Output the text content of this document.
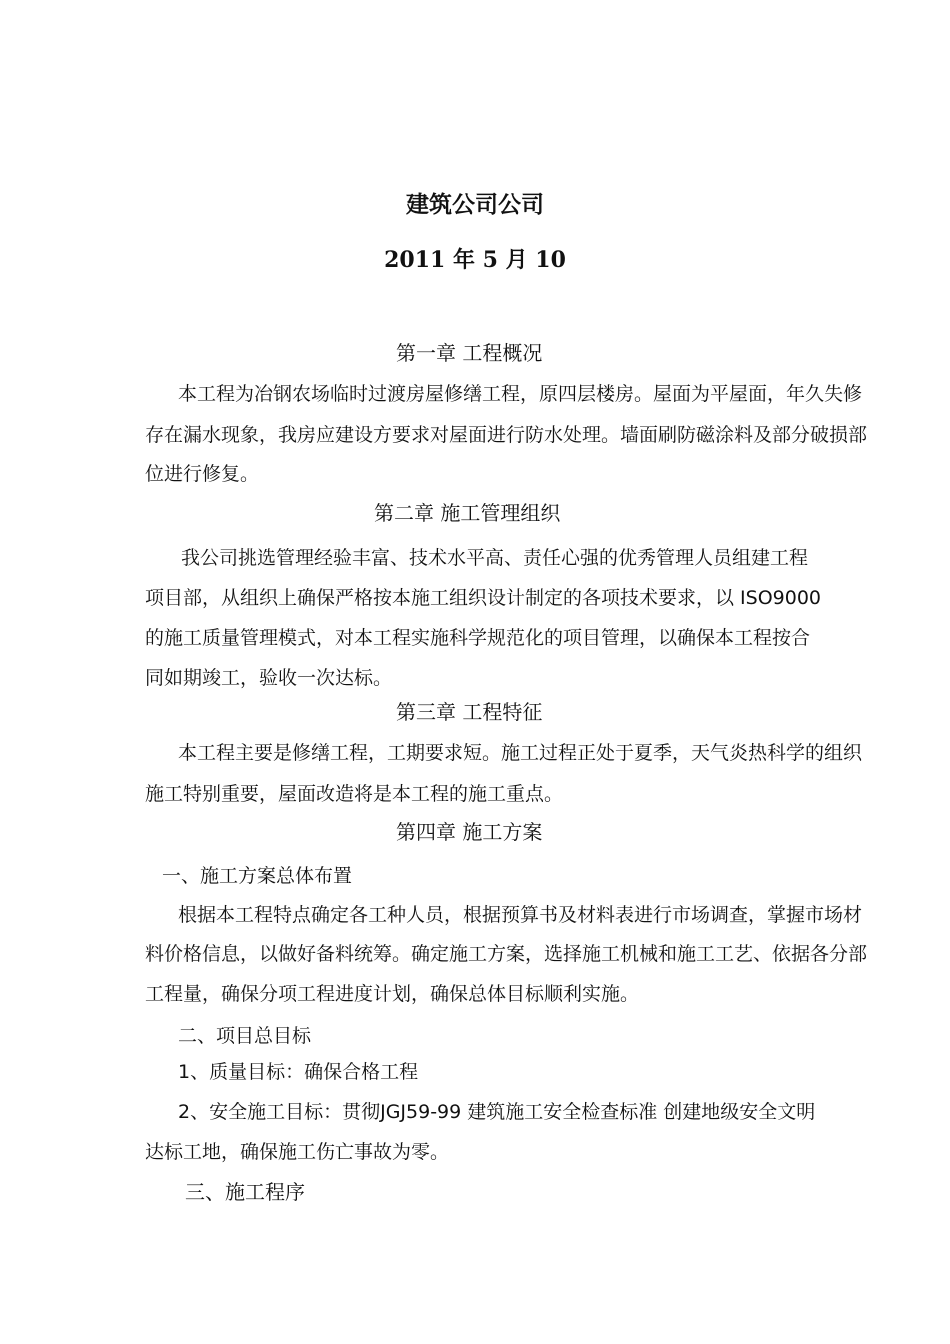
建筑公司公司
2011 年 5 月 10
第一章 工程概况
本工程为冶钢农场临时过渡房屋修缮工程，原四层楼房。屋面为平屋面，年久失修
存在漏水现象，我房应建设方要求对屋面进行防水处理。墙面刷防磁涂料及部分破损部
位进行修复。
第二章 施工管理组织
我公司挑选管理经验丰富、技术水平高、责任心强的优秀管理人员组建工程
项目部，从组织上确保严格按本施工组织设计制定的各项技术要求，以 ISO9000
的施工质量管理模式，对本工程实施科学规范化的项目管理，以确保本工程按合
同如期竣工，验收一次达标。
第三章 工程特征
本工程主要是修缮工程，工期要求短。施工过程正处于夏季，天气炎热科学的组织
施工特别重要，屋面改造将是本工程的施工重点。
第四章 施工方案
一、施工方案总体布置
根据本工程特点确定各工种人员，根据预算书及材料表进行市场调查，掌握市场材
料价格信息，以做好备料统筹。确定施工方案，选择施工机械和施工工艺、依据各分部
工程量，确保分项工程进度计划，确保总体目标顺利实施。
二、项目总目标
1、质量目标：确保合格工程
2、安全施工目标：贯彻JGJ59-99 建筑施工安全检查标准 创建地级安全文明
达标工地，确保施工伤亡事故为零。
三、施工程序
